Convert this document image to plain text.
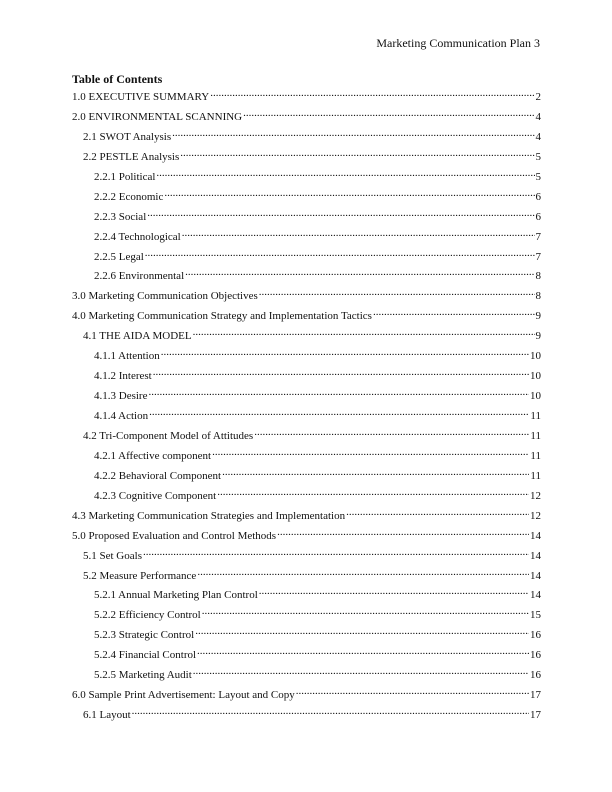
Marketing Communication Plan 3
Table of Contents
1.0 EXECUTIVE SUMMARY .....	2
2.0 ENVIRONMENTAL SCANNING .....	4
2.1 SWOT Analysis .....	4
2.2 PESTLE Analysis .....	5
2.2.1 Political .....	5
2.2.2 Economic .....	6
2.2.3 Social .....	6
2.2.4 Technological .....	7
2.2.5 Legal .....	7
2.2.6 Environmental .....	8
3.0 Marketing Communication Objectives .....	8
4.0 Marketing Communication Strategy and Implementation Tactics .....	9
4.1 THE AIDA MODEL .....	9
4.1.1 Attention .....	10
4.1.2 Interest .....	10
4.1.3 Desire .....	10
4.1.4 Action .....	11
4.2 Tri-Component Model of Attitudes .....	11
4.2.1 Affective component .....	11
4.2.2 Behavioral Component .....	11
4.2.3 Cognitive Component .....	12
4.3 Marketing Communication Strategies and Implementation .....	12
5.0 Proposed Evaluation and Control Methods .....	14
5.1 Set Goals .....	14
5.2 Measure Performance .....	14
5.2.1 Annual Marketing Plan Control .....	14
5.2.2 Efficiency Control .....	15
5.2.3 Strategic Control .....	16
5.2.4 Financial Control .....	16
5.2.5 Marketing Audit .....	16
6.0 Sample Print Advertisement: Layout and Copy .....	17
6.1 Layout .....	17
